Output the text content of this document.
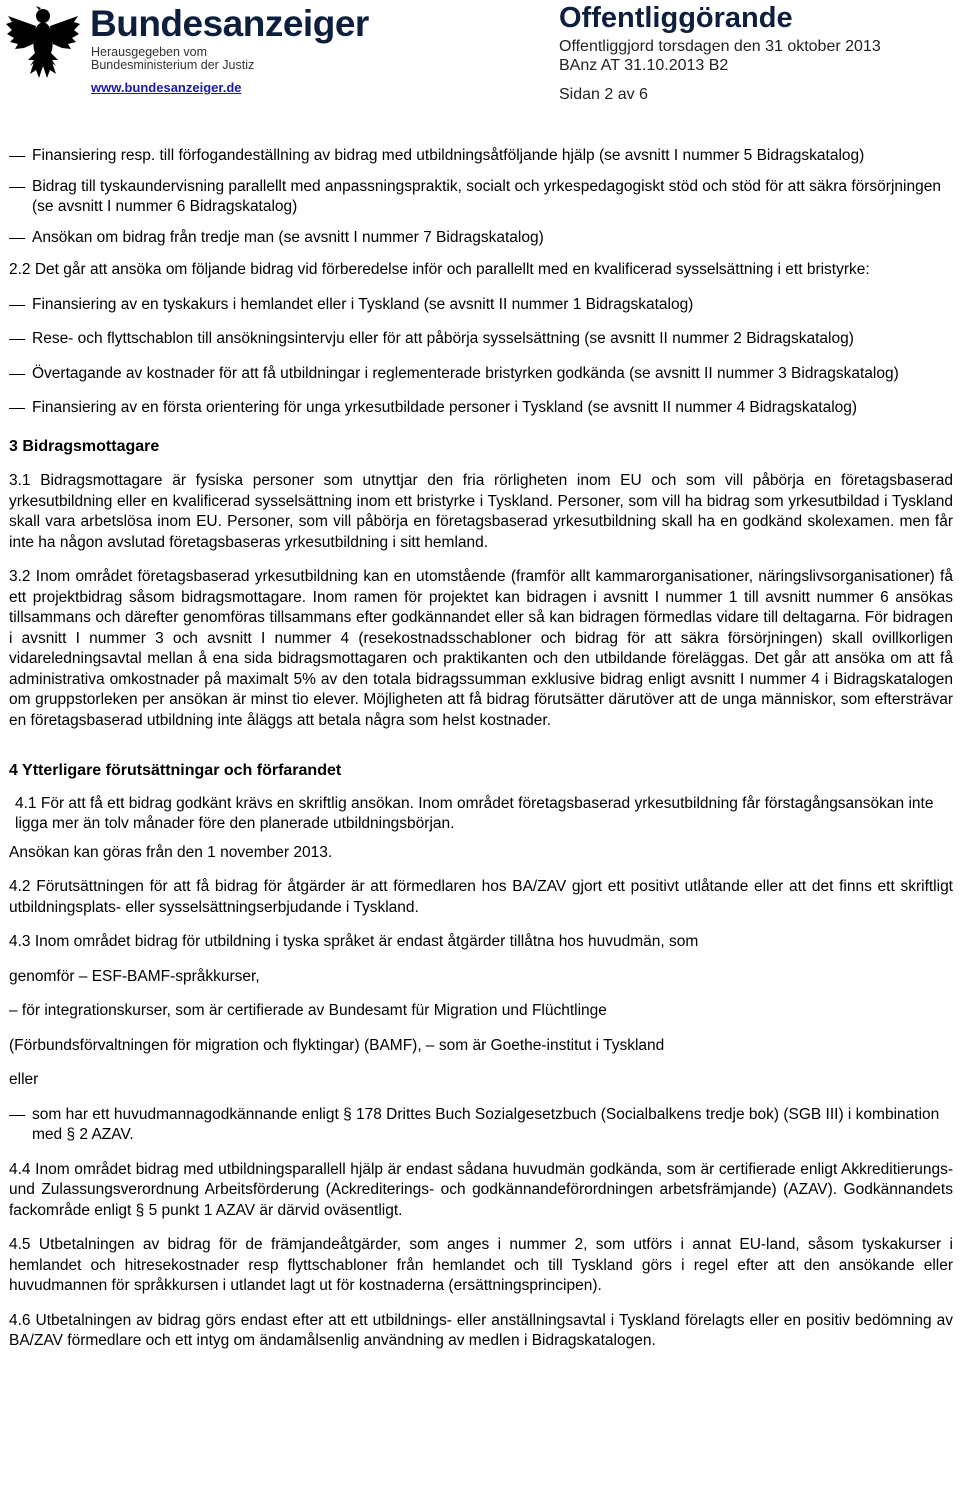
Bundesanzeiger
Herausgegeben vom
Bundesministerium der Justiz
www.bundesanzeiger.de
Offentliggörande
Offentliggjord torsdagen den 31 oktober 2013
BAnz AT 31.10.2013 B2
Sidan 2 av 6
Finansiering resp. till förfogandeställning av bidrag med utbildningsåtföljande hjälp (se avsnitt I nummer 5 Bidragskatalog)
Bidrag till tyskaundervisning parallellt med anpassningspraktik, socialt och yrkespedagogiskt stöd och stöd för att säkra försörjningen (se avsnitt I nummer 6 Bidragskatalog)
Ansökan om bidrag från tredje man (se avsnitt I nummer 7 Bidragskatalog)

2.2 Det går att ansöka om följande bidrag vid förberedelse inför och parallellt med en kvalificerad sysselsättning i ett bristyrke:

Finansiering av en tyskakurs i hemlandet eller i Tyskland (se avsnitt II nummer 1 Bidragskatalog)
Rese- och flyttschablon till ansökningsintervju eller för att påbörja sysselsättning (se avsnitt II nummer 2 Bidragskatalog)
Övertagande av kostnader för att få utbildningar i reglementerade bristyrken godkända (se avsnitt II nummer 3 Bidragskatalog)
Finansiering av en första orientering för unga yrkesutbildade personer i Tyskland (se avsnitt II nummer 4 Bidragskatalog)
3 Bidragsmottagare

3.1 Bidragsmottagare är fysiska personer som utnyttjar den fria rörligheten inom EU och som vill påbörja en företagsbaserad yrkesutbildning eller en kvalificerad sysselsättning inom ett bristyrke i Tyskland. Personer, som vill ha bidrag som yrkesutbildad i Tyskland skall vara arbetslösa inom EU. Personer, som vill påbörja en företagsbaserad yrkesutbildning skall ha en godkänd skolexamen. men får inte ha någon avslutad företagsbaseras yrkesutbildning i sitt hemland.

3.2 Inom området företagsbaserad yrkesutbildning kan en utomstående (framför allt kammarorganisationer, näringslivsorganisationer) få ett projektbidrag såsom bidragsmottagare. Inom ramen för projektet kan bidragen i avsnitt I nummer 1 till avsnitt nummer 6 ansökas tillsammans och därefter genomföras tillsammans efter godkännandet eller så kan bidragen förmedlas vidare till deltagarna. För bidragen i avsnitt I nummer 3 och avsnitt I nummer 4 (resekostnadsschabloner och bidrag för att säkra försörjningen) skall ovillkorligen vidareledningsavtal mellan å ena sida bidragsmottagaren och praktikanten och den utbildande föreläggas. Det går att ansöka om att få administrativa omkostnader på maximalt 5% av den totala bidragssumman exklusive bidrag enligt avsnitt I nummer 4 i Bidragskatalogen om gruppstorleken per ansökan är minst tio elever. Möjligheten att få bidrag förutsätter därutöver att de unga människor, som eftersträvar en företagsbaserad utbildning inte åläggs att betala några som helst kostnader.

4 Ytterligare förutsättningar och förfarandet

4.1 För att få ett bidrag godkänt krävs en skriftlig ansökan. Inom området företagsbaserad yrkesutbildning får förstagångsansökan inte ligga mer än tolv månader före den planerade utbildningsbörjan.

Ansökan kan göras från den 1 november 2013.

4.2 Förutsättningen för att få bidrag för åtgärder är att förmedlaren hos BA/ZAV gjort ett positivt utlåtande eller att det finns ett skriftligt utbildningsplats- eller sysselsättningserbjudande i Tyskland.

4.3 Inom området bidrag för utbildning i tyska språket är endast åtgärder tillåtna hos huvudmän, som

genomför – ESF-BAMF-språkkurser,

– för integrationskurser, som är certifierade av Bundesamt für Migration und Flüchtlinge

(Förbundsförvaltningen för migration och flyktingar) (BAMF), – som är Goethe-institut i Tyskland

eller

som har ett huvudmannagodkännande enligt § 178 Drittes Buch Sozialgesetzbuch (Socialbalkens tredje bok) (SGB III) i kombination med § 2 AZAV.

4.4 Inom området bidrag med utbildningsparallell hjälp är endast sådana huvudmän godkända, som är certifierade enligt Akkreditierungs- und Zulassungsverordnung Arbeitsförderung (Ackrediterings- och godkännandeförordningen arbetsfrämjande) (AZAV). Godkännandets fackområde enligt § 5 punkt 1 AZAV är därvid oväsentligt.

4.5 Utbetalningen av bidrag för de främjandeåtgärder, som anges i nummer 2, som utförs i annat EU-land, såsom tyskakurser i hemlandet och hitresekostnader resp flyttschabloner från hemlandet och till Tyskland görs i regel efter att den ansökande eller huvudmannen för språkkursen i utlandet lagt ut för kostnaderna (ersättningsprincipen).

4.6 Utbetalningen av bidrag görs endast efter att ett utbildnings- eller anställningsavtal i Tyskland förelagts eller en positiv bedömning av BA/ZAV förmedlare och ett intyg om ändamålsenlig användning av medlen i Bidragskatalogen.
